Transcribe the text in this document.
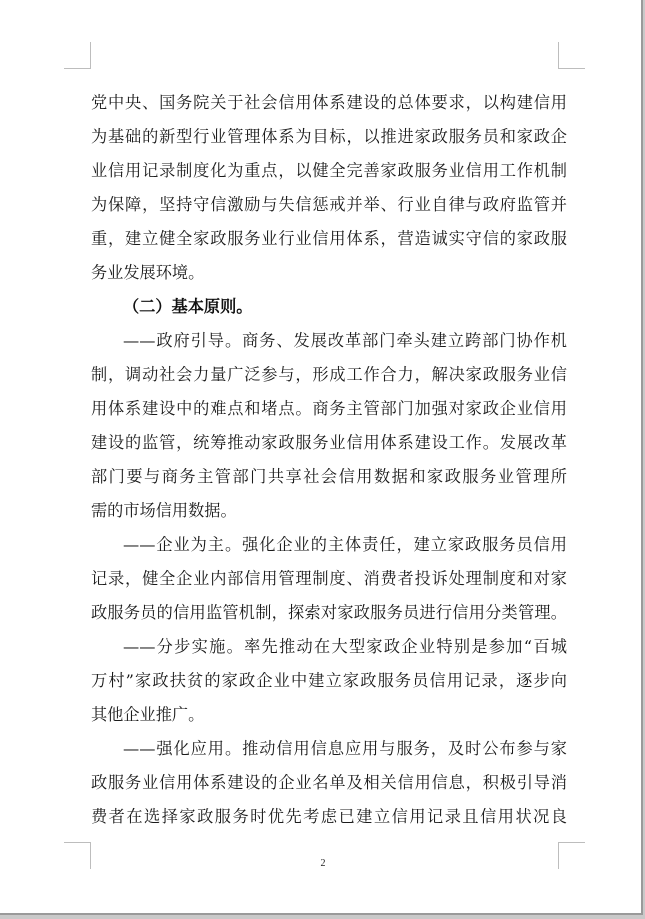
党中央、国务院关于社会信用体系建设的总体要求，以构建信用
为基础的新型行业管理体系为目标，以推进家政服务员和家政企
业信用记录制度化为重点，以健全完善家政服务业信用工作机制
为保障，坚持守信激励与失信惩戒并举、行业自律与政府监管并
重，建立健全家政服务业行业信用体系，营造诚实守信的家政服
务业发展环境。
（二）基本原则。
——政府引导。商务、发展改革部门牵头建立跨部门协作机
制，调动社会力量广泛参与，形成工作合力，解决家政服务业信
用体系建设中的难点和堵点。商务主管部门加强对家政企业信用
建设的监管，统筹推动家政服务业信用体系建设工作。发展改革
部门要与商务主管部门共享社会信用数据和家政服务业管理所
需的市场信用数据。
——企业为主。强化企业的主体责任，建立家政服务员信用
记录，健全企业内部信用管理制度、消费者投诉处理制度和对家
政服务员的信用监管机制，探索对家政服务员进行信用分类管理。
——分步实施。率先推动在大型家政企业特别是参加“百城
万村”家政扶贫的家政企业中建立家政服务员信用记录，逐步向
其他企业推广。
——强化应用。推动信用信息应用与服务，及时公布参与家
政服务业信用体系建设的企业名单及相关信用信息，积极引导消
费者在选择家政服务时优先考虑已建立信用记录且信用状况良
2
